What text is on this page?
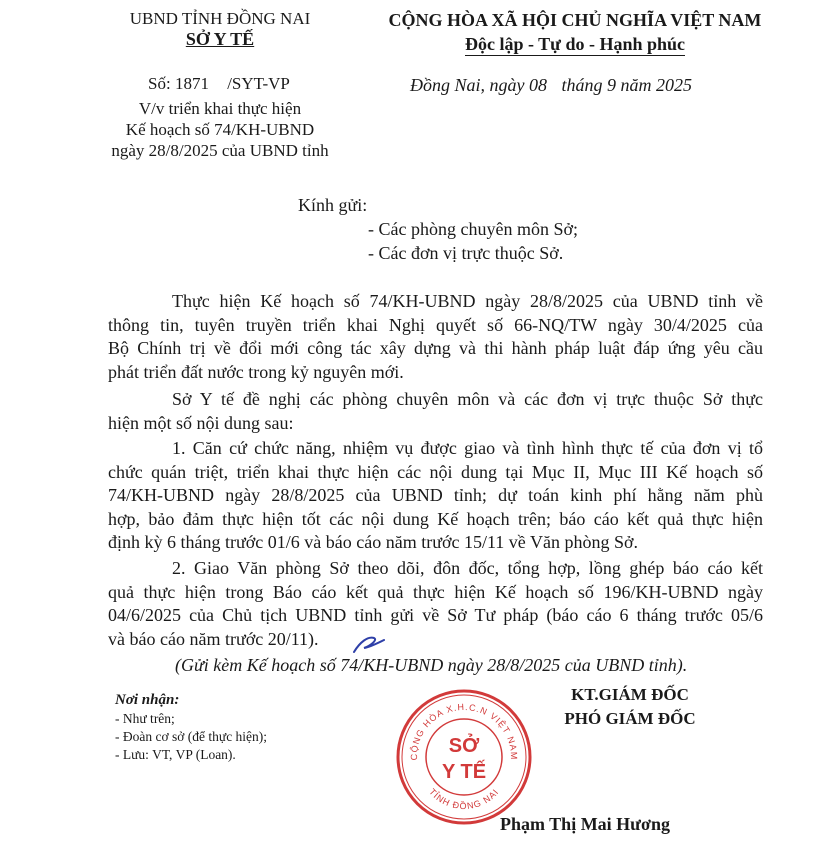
UBND TỈNH ĐỒNG NAI
SỞ Y TẾ
Số: 1871 /SYT-VP
V/v triển khai thực hiện
Kế hoạch số 74/KH-UBND
ngày 28/8/2025 của UBND tỉnh
CỘNG HÒA XÃ HỘI CHỦ NGHĨA VIỆT NAM
Độc lập - Tự do - Hạnh phúc
Đồng Nai, ngày 08 tháng 9 năm 2025
Kính gửi:
- Các phòng chuyên môn Sở;
- Các đơn vị trực thuộc Sở.
Thực hiện Kế hoạch số 74/KH-UBND ngày 28/8/2025 của UBND tỉnh về
thông tin, tuyên truyền triển khai Nghị quyết số 66-NQ/TW ngày 30/4/2025 của
Bộ Chính trị về đổi mới công tác xây dựng và thi hành pháp luật đáp ứng yêu cầu
phát triển đất nước trong kỷ nguyên mới.
Sở Y tế đề nghị các phòng chuyên môn và các đơn vị trực thuộc Sở thực
hiện một số nội dung sau:
1. Căn cứ chức năng, nhiệm vụ được giao và tình hình thực tế của đơn vị tổ
chức quán triệt, triển khai thực hiện các nội dung tại Mục II, Mục III Kế hoạch số
74/KH-UBND ngày 28/8/2025 của UBND tỉnh; dự toán kinh phí hằng năm phù
hợp, bảo đảm thực hiện tốt các nội dung Kế hoạch trên; báo cáo kết quả thực hiện
định kỳ 6 tháng trước 01/6 và báo cáo năm trước 15/11 về Văn phòng Sở.
2. Giao Văn phòng Sở theo dõi, đôn đốc, tổng hợp, lồng ghép báo cáo kết
quả thực hiện trong Báo cáo kết quả thực hiện Kế hoạch số 196/KH-UBND ngày
04/6/2025 của Chủ tịch UBND tỉnh gửi về Sở Tư pháp (báo cáo 6 tháng trước 05/6
và báo cáo năm trước 20/11).
(Gửi kèm Kế hoạch số 74/KH-UBND ngày 28/8/2025 của UBND tỉnh).
Nơi nhận:
- Như trên;
- Đoàn cơ sở (để thực hiện);
- Lưu: VT, VP (Loan).	CỘNG HÒA X.H.C.N VIỆT NAM
TỈNH ĐỒNG NAI
SỞ
Y TẾ
KT.GIÁM ĐỐC
PHÓ GIÁM ĐỐC
Phạm Thị Mai Hương
